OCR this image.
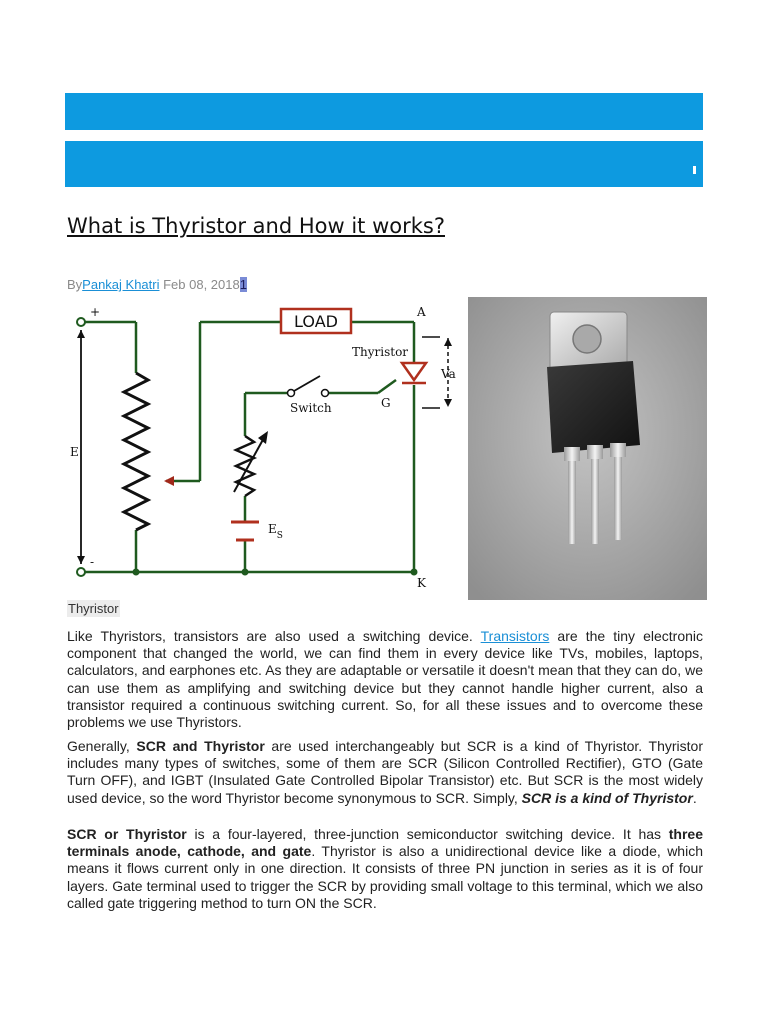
What is Thyristor and How it works?
ByPankaj Khatri Feb 08, 20181
LOAD
+
-
E
A
K
Thyristor
Switch	G
Va
$E_S$
Thyristor

Like Thyristors, transistors are also used a switching device. Transistors are the tiny electronic component that changed the world, we can find them in every device like TVs, mobiles, laptops, calculators, and earphones etc. As they are adaptable or versatile it doesn't mean that they can do, we can use them as amplifying and switching device but they cannot handle higher current, also a transistor required a continuous switching current. So, for all these issues and to overcome these problems we use Thyristors.

Generally, SCR and Thyristor are used interchangeably but SCR is a kind of Thyristor. Thyristor includes many types of switches, some of them are SCR (Silicon Controlled Rectifier), GTO (Gate Turn OFF), and IGBT (Insulated Gate Controlled Bipolar Transistor) etc. But SCR is the most widely used device, so the word Thyristor become synonymous to SCR. Simply, SCR is a kind of Thyristor.

SCR or Thyristor is a four-layered, three-junction semiconductor switching device. It has three terminals anode, cathode, and gate. Thyristor is also a unidirectional device like a diode, which means it flows current only in one direction. It consists of three PN junction in series as it is of four layers. Gate terminal used to trigger the SCR by providing small voltage to this terminal, which we also called gate triggering method to turn ON the SCR.
